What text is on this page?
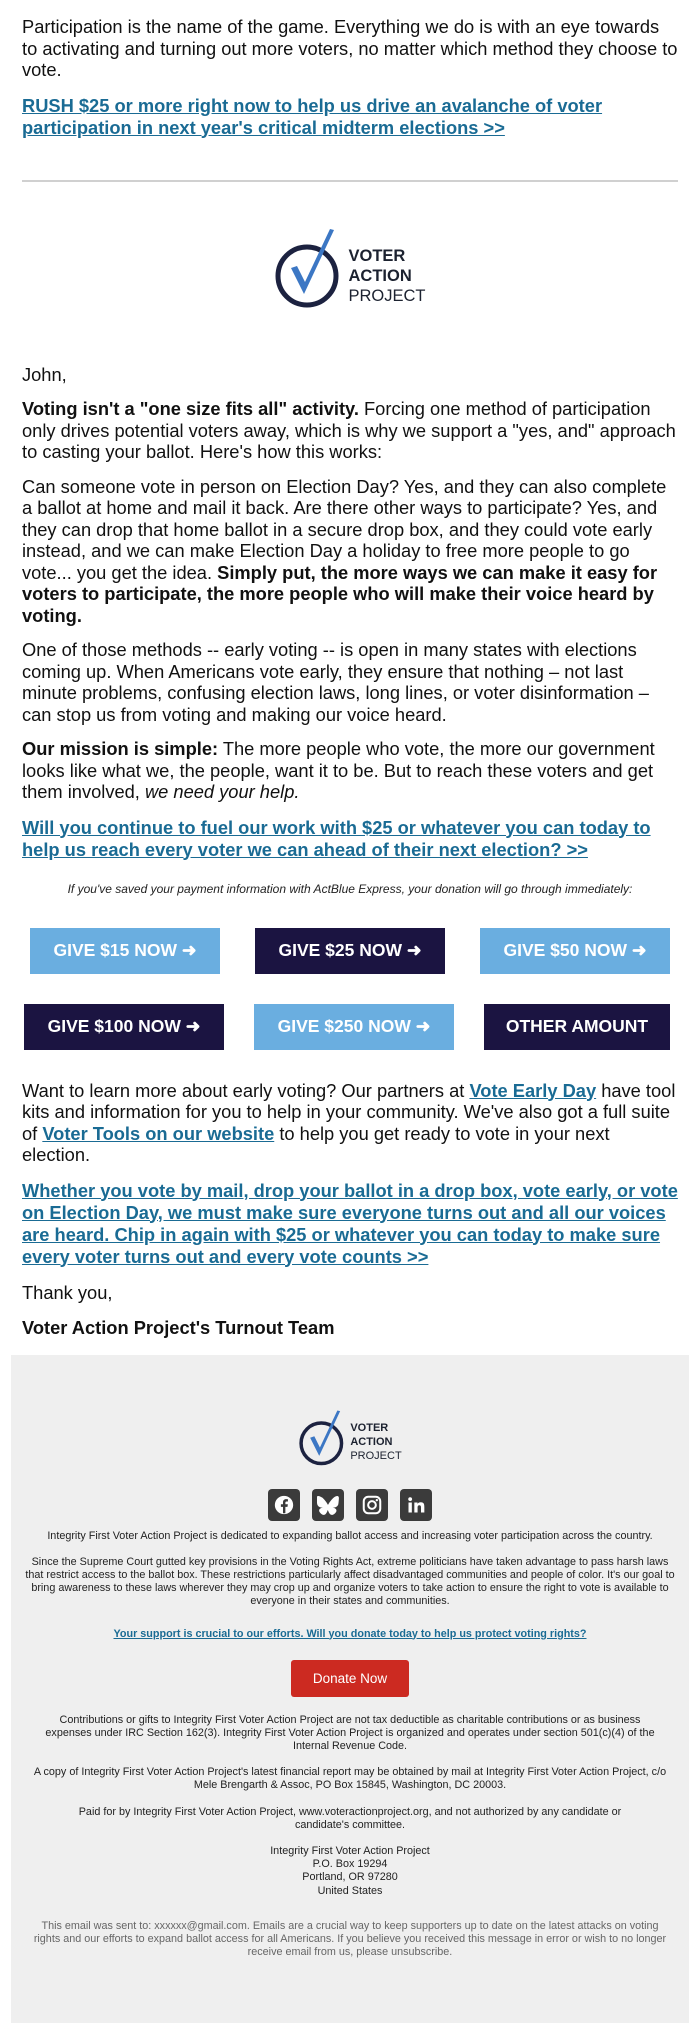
Participation is the name of the game. Everything we do is with an eye towards to activating and turning out more voters, no matter which method they choose to vote.

RUSH $25 or more right now to help us drive an avalanche of voter participation in next year's critical midterm elections >>

VOTER
ACTION
PROJECT

John,

Voting isn't a "one size fits all" activity. Forcing one method of participation only drives potential voters away, which is why we support a "yes, and" approach to casting your ballot. Here's how this works:

Can someone vote in person on Election Day? Yes, and they can also complete a ballot at home and mail it back. Are there other ways to participate? Yes, and they can drop that home ballot in a secure drop box, and they could vote early instead, and we can make Election Day a holiday to free more people to go vote... you get the idea. Simply put, the more ways we can make it easy for voters to participate, the more people who will make their voice heard by voting.

One of those methods -- early voting -- is open in many states with elections coming up. When Americans vote early, they ensure that nothing – not last minute problems, confusing election laws, long lines, or voter disinformation – can stop us from voting and making our voice heard.

Our mission is simple: The more people who vote, the more our government looks like what we, the people, want it to be. But to reach these voters and get them involved, we need your help.

Will you continue to fuel our work with $25 or whatever you can today to help us reach every voter we can ahead of their next election? >>

If you've saved your payment information with ActBlue Express, your donation will go through immediately:

GIVE $15 NOW ➜	GIVE $25 NOW ➜	GIVE $50 NOW ➜
GIVE $100 NOW ➜	GIVE $250 NOW ➜	OTHER AMOUNT

Want to learn more about early voting? Our partners at Vote Early Day have tool kits and information for you to help in your community. We've also got a full suite of Voter Tools on our website to help you get ready to vote in your next election.

Whether you vote by mail, drop your ballot in a drop box, vote early, or vote on Election Day, we must make sure everyone turns out and all our voices are heard. Chip in again with $25 or whatever you can today to make sure every voter turns out and every vote counts >>

Thank you,

Voter Action Project's Turnout Team

VOTER
ACTION
PROJECT

Integrity First Voter Action Project is dedicated to expanding ballot access and increasing voter participation across the country.

Since the Supreme Court gutted key provisions in the Voting Rights Act, extreme politicians have taken advantage to pass harsh laws that restrict access to the ballot box. These restrictions particularly affect disadvantaged communities and people of color. It's our goal to bring awareness to these laws wherever they may crop up and organize voters to take action to ensure the right to vote is available to everyone in their states and communities.

Your support is crucial to our efforts. Will you donate today to help us protect voting rights?

Donate Now

Contributions or gifts to Integrity First Voter Action Project are not tax deductible as charitable contributions or as business expenses under IRC Section 162(3). Integrity First Voter Action Project is organized and operates under section 501(c)(4) of the Internal Revenue Code.

A copy of Integrity First Voter Action Project's latest financial report may be obtained by mail at Integrity First Voter Action Project, c/o Mele Brengarth & Assoc, PO Box 15845, Washington, DC 20003.

Paid for by Integrity First Voter Action Project, www.voteractionproject.org, and not authorized by any candidate or candidate's committee.

Integrity First Voter Action Project

P.O. Box 19294

Portland, OR 97280

United States

This email was sent to: xxxxxx@gmail.com. Emails are a crucial way to keep supporters up to date on the latest attacks on voting rights and our efforts to expand ballot access for all Americans. If you believe you received this message in error or wish to no longer receive email from us, please unsubscribe.
